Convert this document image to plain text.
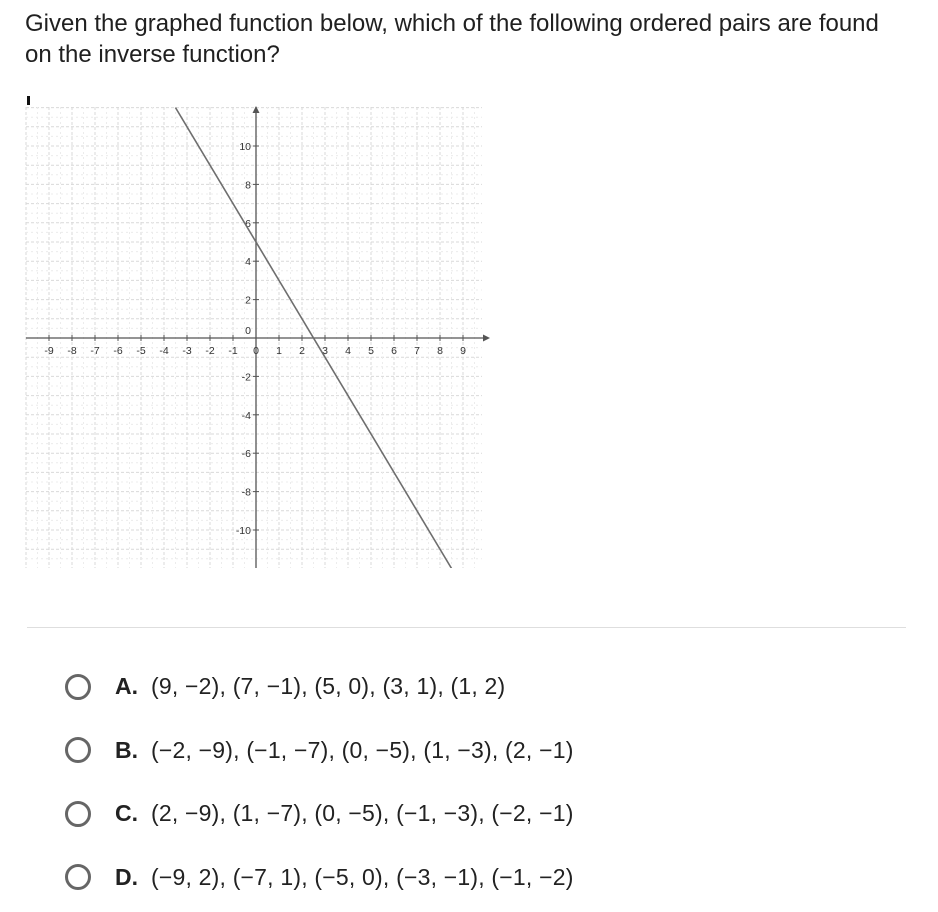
Given the graphed function below, which of the following ordered pairs are found on the inverse function?
-9 -8 -7 -6 -5 -4 -3 -2 -1 0 1 2 3 4 5 6 7 8 9
10
8
6
4
2
0
-2
-4
-6
-8
-10
A. (9, −2), (7, −1), (5, 0), (3, 1), (1, 2)
B. (−2, −9), (−1, −7), (0, −5), (1, −3), (2, −1)
C. (2, −9), (1, −7), (0, −5), (−1, −3), (−2, −1)
D. (−9, 2), (−7, 1), (−5, 0), (−3, −1), (−1, −2)
